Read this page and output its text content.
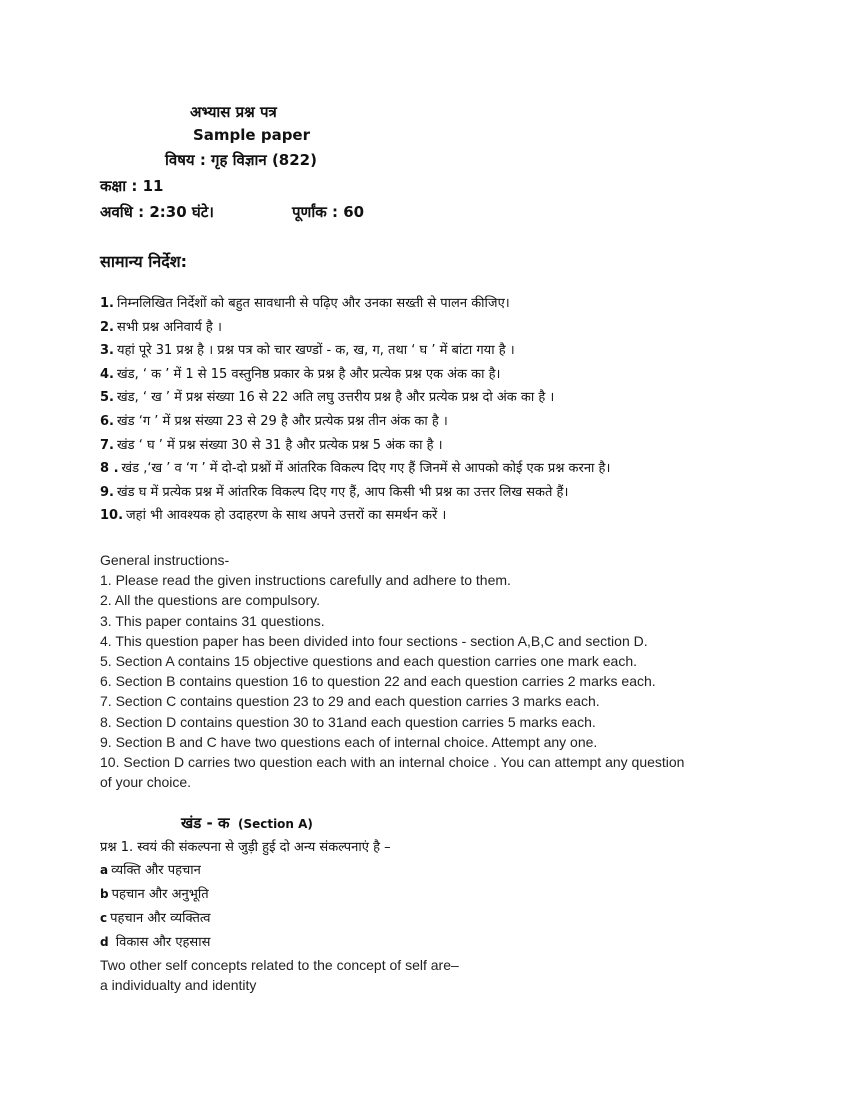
अभ्यास प्रश्न पत्र
Sample paper
विषय : गृह विज्ञान (822)
कक्षा : 11
अवधि : 2:30 घंटे।	पूर्णांक : 60
सामान्य निर्देश:
1. निम्नलिखित निर्देशों को बहुत सावधानी से पढ़िए और उनका सख्ती से पालन कीजिए।
2. सभी प्रश्न अनिवार्य है ।
3. यहां पूरे 31 प्रश्न है । प्रश्न पत्र को चार खण्डों - क, ख, ग, तथा ‘ घ ’ में बांटा गया है ।
4. खंड, ‘ क ’ में 1 से 15 वस्तुनिष्ठ प्रकार के प्रश्न है और प्रत्येक प्रश्न एक अंक का है।
5. खंड, ‘ ख ’ में प्रश्न संख्या 16 से 22 अति लघु उत्तरीय प्रश्न है और प्रत्येक प्रश्न दो अंक का है ।
6. खंड ‘ग ’ में प्रश्न संख्या 23 से 29 है और प्रत्येक प्रश्न तीन अंक का है ।
7. खंड ‘ घ ’ में प्रश्न संख्या 30 से 31 है और प्रत्येक प्रश्न 5 अंक का है ।
8 . खंड ,‘ख ’ व ‘ग ’ में दो-दो प्रश्नों में आंतरिक विकल्प दिए गए हैं जिनमें से आपको कोई एक प्रश्न करना है।
9. खंड घ में प्रत्येक प्रश्न में आंतरिक विकल्प दिए गए हैं, आप किसी भी प्रश्न का उत्तर लिख सकते हैं।
10. जहां भी आवश्यक हो उदाहरण के साथ अपने उत्तरों का समर्थन करें ।
General instructions-
1. Please read the given instructions carefully and adhere to them.
2. All the questions are compulsory.
3. This paper contains 31 questions.
4. This question paper has been divided into four sections - section A,B,C and section D.
5. Section A contains 15 objective questions and each question carries one mark each.
6. Section B contains question 16 to question 22 and each question carries 2 marks each.
7. Section C contains question 23 to 29 and each question carries 3 marks each.
8. Section D contains question 30 to 31and each question carries 5 marks each.
9. Section B and C have two questions each of internal choice. Attempt any one.
10. Section D carries two question each with an internal choice . You can attempt any question
of your choice.
खंड - क (Section A)
प्रश्न 1. स्वयं की संकल्पना से जुड़ी हुई दो अन्य संकल्पनाएं है –
a व्यक्ति और पहचान
b पहचान और अनुभूति
c पहचान और व्यक्तित्व
d विकास और एहसास
Two other self concepts related to the concept of self are–
a individualty and identity
